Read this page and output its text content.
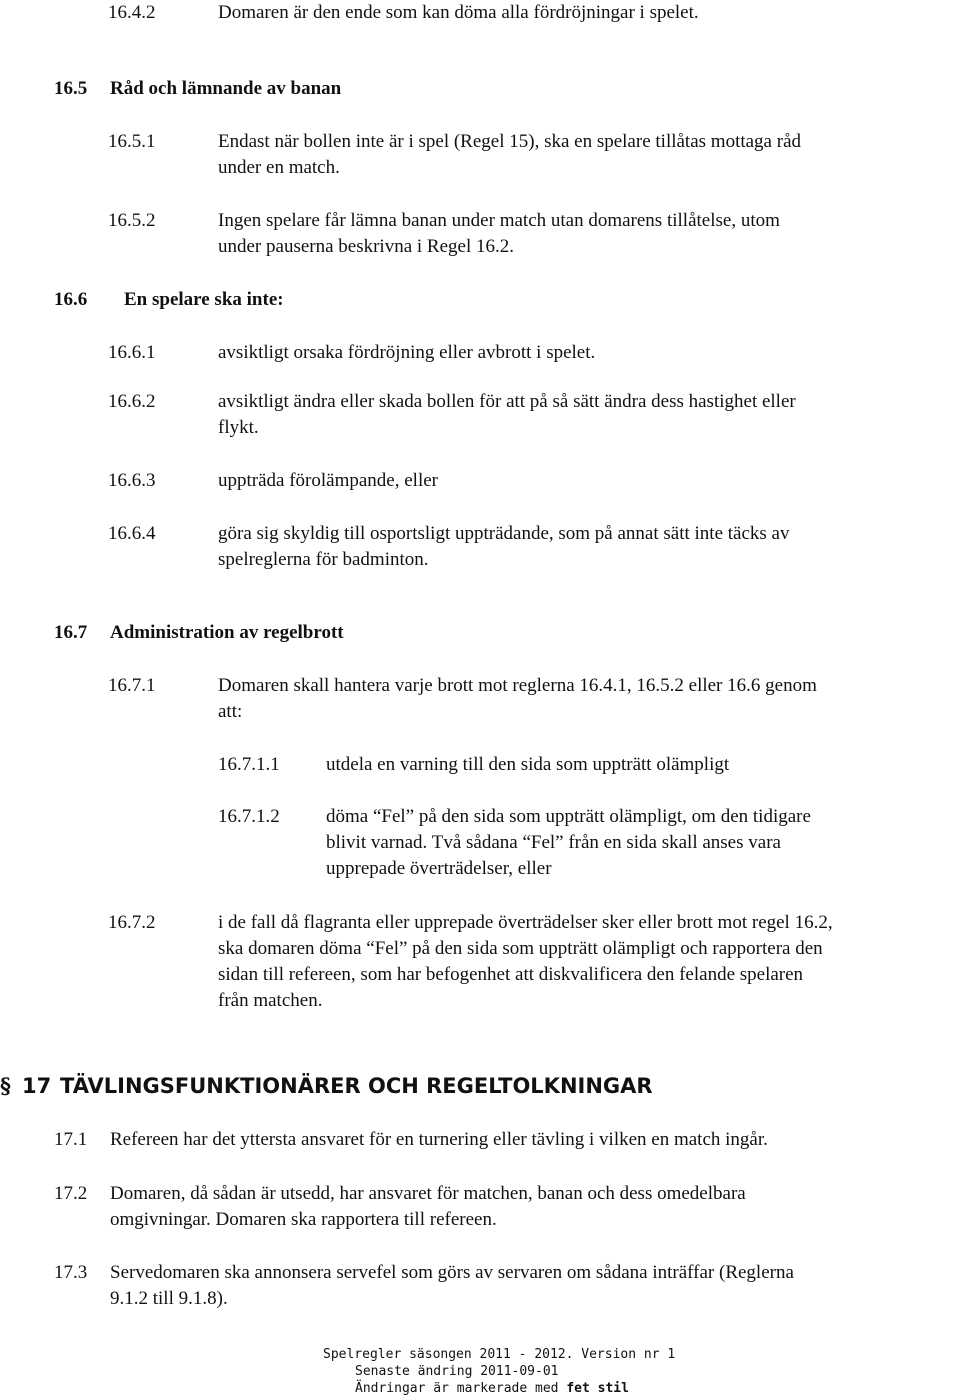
16.4.2	Domaren är den ende som kan döma alla fördröjningar i spelet.
16.5 Råd och lämnande av banan
16.5.1	Endast när bollen inte är i spel (Regel 15), ska en spelare tillåtas mottaga råd
under en match.
16.5.2	Ingen spelare får lämna banan under match utan domarens tillåtelse, utom
under pauserna beskrivna i Regel 16.2.
16.6 En spelare ska inte:
16.6.1	avsiktligt orsaka fördröjning eller avbrott i spelet.
16.6.2	avsiktligt ändra eller skada bollen för att på så sätt ändra dess hastighet eller
flykt.
16.6.3	uppträda förolämpande, eller
16.6.4	göra sig skyldig till osportsligt uppträdande, som på annat sätt inte täcks av
spelreglerna för badminton.
16.7 Administration av regelbrott
16.7.1	Domaren skall hantera varje brott mot reglerna 16.4.1, 16.5.2 eller 16.6 genom
att:
16.7.1.1 utdela en varning till den sida som uppträtt olämpligt
16.7.1.2 döma “Fel” på den sida som uppträtt olämpligt, om den tidigare
blivit varnad. Två sådana “Fel” från en sida skall anses vara
upprepade överträdelser, eller
16.7.2	i de fall då flagranta eller upprepade överträdelser sker eller brott mot regel 16.2,
ska domaren döma “Fel” på den sida som uppträtt olämpligt och rapportera den
sidan till refereen, som har befogenhet att diskvalificera den felande spelaren
från matchen.
§ 17 TÄVLINGSFUNKTIONÄRER OCH REGELTOLKNINGAR
17.1 Refereen har det yttersta ansvaret för en turnering eller tävling i vilken en match ingår.
17.2 Domaren, då sådan är utsedd, har ansvaret för matchen, banan och dess omedelbara
omgivningar. Domaren ska rapportera till refereen.
17.3 Servedomaren ska annonsera servefel som görs av servaren om sådana inträffar (Reglerna
9.1.2 till 9.1.8).
Spelregler säsongen 2011 - 2012. Version nr 1
Senaste ändring 2011-09-01
Ändringar är markerade med fet stil
